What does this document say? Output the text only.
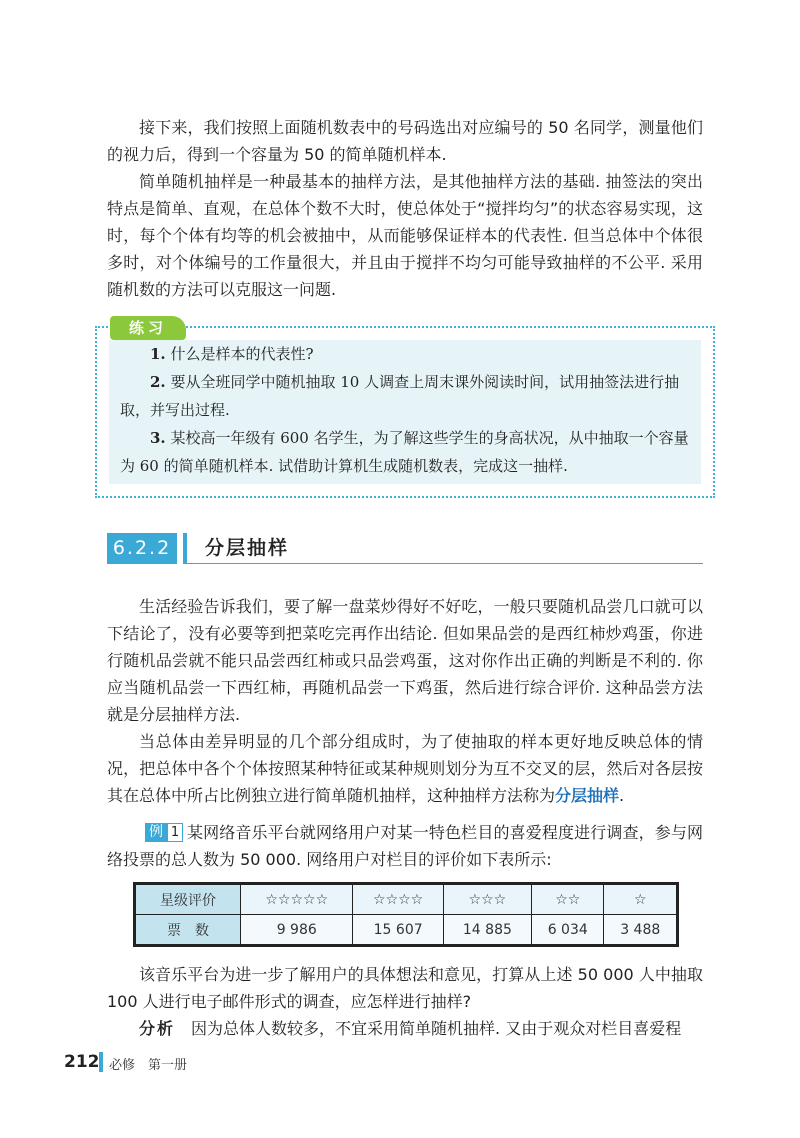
接下来，我们按照上面随机数表中的号码选出对应编号的 50 名同学，测量他们的视力后，得到一个容量为 50 的简单随机样本.

简单随机抽样是一种最基本的抽样方法，是其他抽样方法的基础. 抽签法的突出特点是简单、直观，在总体个数不大时，使总体处于“搅拌均匀”的状态容易实现，这时，每个个体有均等的机会被抽中，从而能够保证样本的代表性. 但当总体中个体很多时，对个体编号的工作量很大，并且由于搅拌不均匀可能导致抽样的不公平. 采用随机数的方法可以克服这一问题.

练习

1. 什么是样本的代表性?

2. 要从全班同学中随机抽取 10 人调查上周末课外阅读时间，试用抽签法进行抽取，并写出过程.

3. 某校高一年级有 600 名学生，为了解这些学生的身高状况，从中抽取一个容量为 60 的简单随机样本. 试借助计算机生成随机数表，完成这一抽样.

6.2.2	分层抽样

生活经验告诉我们，要了解一盘菜炒得好不好吃，一般只要随机品尝几口就可以下结论了，没有必要等到把菜吃完再作出结论. 但如果品尝的是西红柿炒鸡蛋，你进行随机品尝就不能只品尝西红柿或只品尝鸡蛋，这对你作出正确的判断是不利的. 你应当随机品尝一下西红柿，再随机品尝一下鸡蛋，然后进行综合评价. 这种品尝方法就是分层抽样方法.

当总体由差异明显的几个部分组成时，为了使抽取的样本更好地反映总体的情况，把总体中各个个体按照某种特征或某种规则划分为互不交叉的层，然后对各层按其在总体中所占比例独立进行简单随机抽样，这种抽样方法称为分层抽样.

例 1 某网络音乐平台就网络用户对某一特色栏目的喜爱程度进行调查，参与网络投票的总人数为 50 000. 网络用户对栏目的评价如下表所示:

星级评价	☆☆☆☆☆	☆☆☆☆	☆☆☆	☆☆	☆
票　数	9 986	15 607	14 885	6 034	3 488

该音乐平台为进一步了解用户的具体想法和意见，打算从上述 50 000 人中抽取 100 人进行电子邮件形式的调查，应怎样进行抽样?

分析　 因为总体人数较多，不宜采用简单随机抽样. 又由于观众对栏目喜爱程

212 必修　第一册
